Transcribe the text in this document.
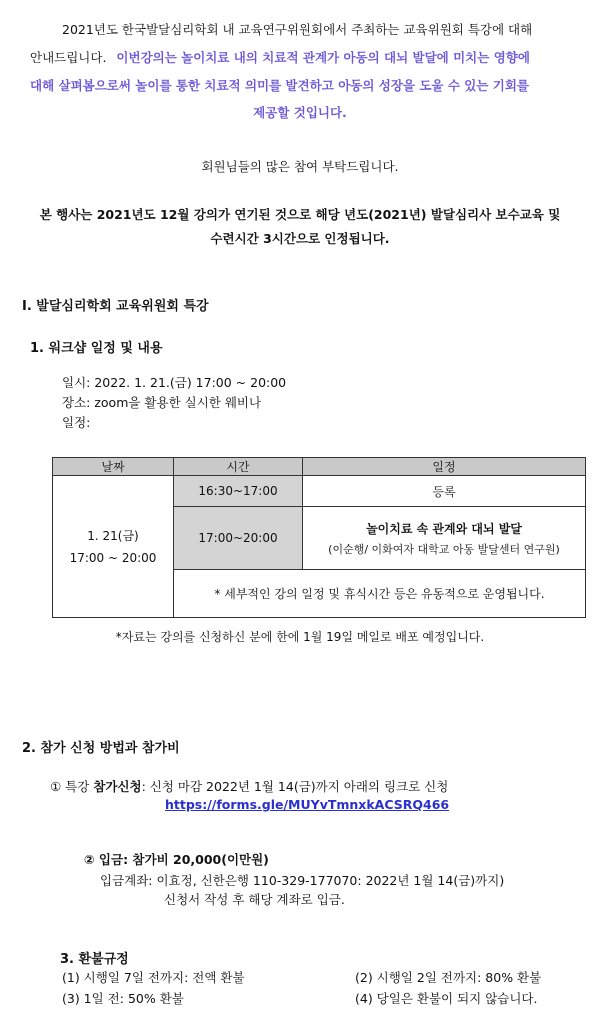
2021년도 한국발달심리학회 내 교육연구위원회에서 주최하는 교육위원회 특강에 대해
안내드립니다. 이번강의는 놀이치료 내의 치료적 관계가 아동의 대뇌 발달에 미치는 영향에
대해 살펴봄으로써 놀이를 통한 치료적 의미를 발견하고 아동의 성장을 도울 수 있는 기회를
제공할 것입니다.
회원님들의 많은 참여 부탁드립니다.
본 행사는 2021년도 12월 강의가 연기된 것으로 해당 년도(2021년) 발달심리사 보수교육 및
수련시간 3시간으로 인정됩니다.
I. 발달심리학회 교육위원회 특강
1. 워크샵 일정 및 내용
일시: 2022. 1. 21.(금) 17:00 ~ 20:00
장소: zoom을 활용한 실시한 웨비나
일정:
날짜	시간	일정

1. 21(금)
17:00 ~ 20:00	16:30~17:00	등록
	17:00~20:00	놀이치료 속 관계와 대뇌 발달
(이순행/ 이화여자 대학교 아동 발달센터 연구원)

	* 세부적인 강의 일정 및 휴식시간 등은 유동적으로 운영됩니다.	
*자료는 강의를 신청하신 분에 한에 1월 19일 메일로 배포 예정입니다.
2. 참가 신청 방법과 참가비
① 특강 참가신청: 신청 마감 2022년 1월 14(금)까지 아래의 링크로 신청
https://forms.gle/MUYvTmnxkACSRQ466
② 입금: 참가비 20,000(이만원)
입금계좌: 이효정, 신한은행 110-329-177070: 2022년 1월 14(금)까지)
신청서 작성 후 해당 계좌로 입금.
3. 환불규정
(1) 시행일 7일 전까지: 전액 환불	(2) 시행일 2일 전까지: 80% 환불
(3) 1일 전: 50% 환불	(4) 당일은 환불이 되지 않습니다.
